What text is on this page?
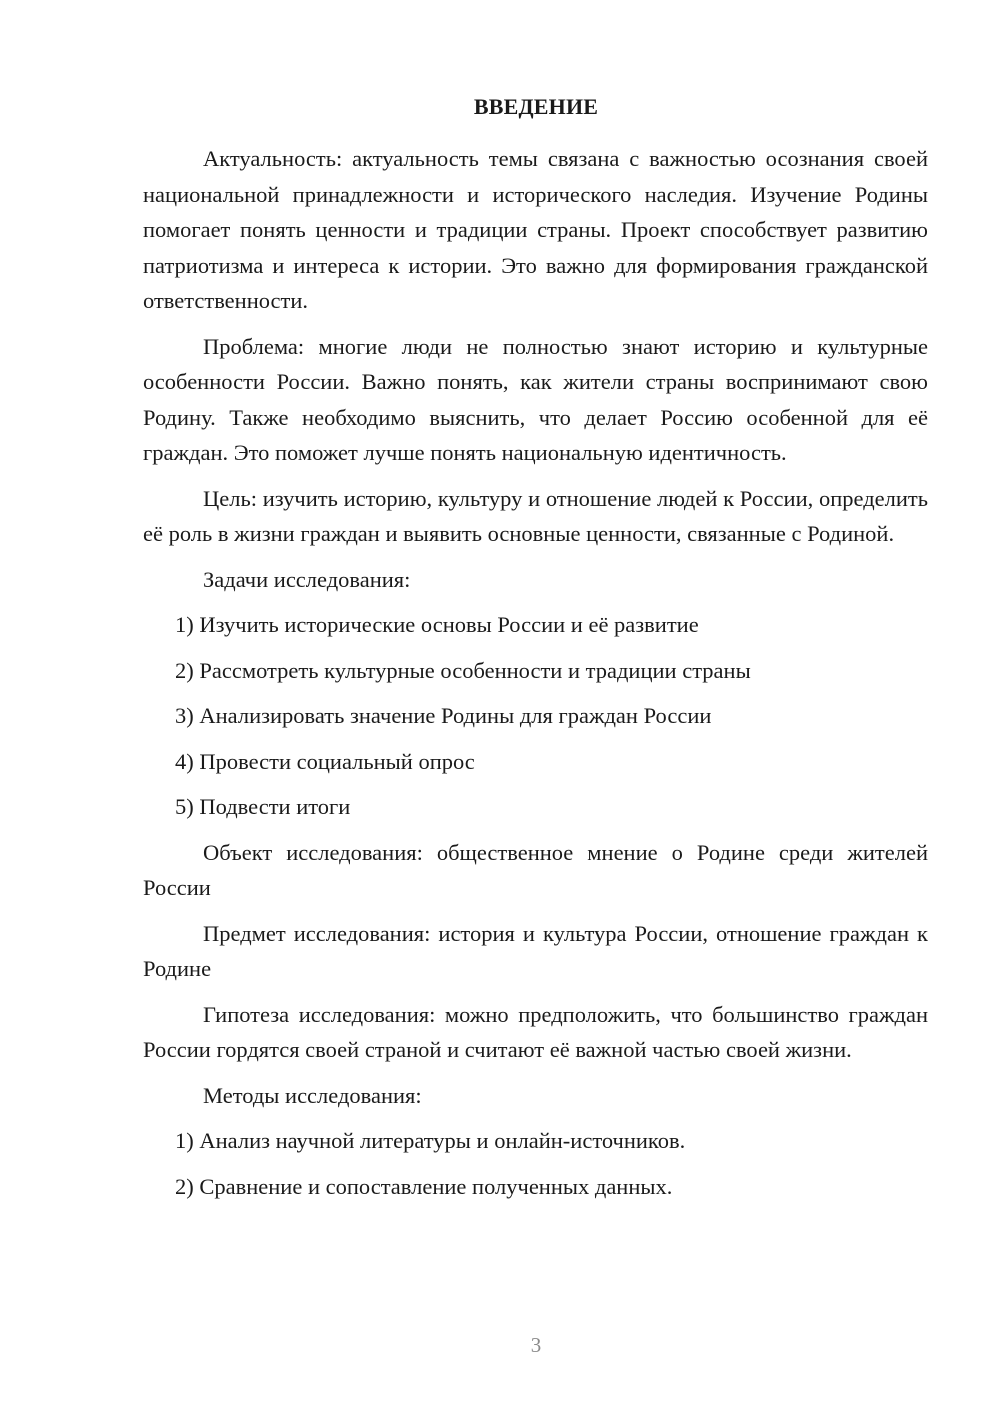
ВВЕДЕНИЕ

Актуальность: актуальность темы связана с важностью осознания своей национальной принадлежности и исторического наследия. Изучение Родины помогает понять ценности и традиции страны. Проект способствует развитию патриотизма и интереса к истории. Это важно для формирования гражданской ответственности.

Проблема: многие люди не полностью знают историю и культурные особенности России. Важно понять, как жители страны воспринимают свою Родину. Также необходимо выяснить, что делает Россию особенной для её граждан. Это поможет лучше понять национальную идентичность.

Цель: изучить историю, культуру и отношение людей к России, определить её роль в жизни граждан и выявить основные ценности, связанные с Родиной.

Задачи исследования:

1) Изучить исторические основы России и её развитие
2) Рассмотреть культурные особенности и традиции страны
3) Анализировать значение Родины для граждан России
4) Провести социальный опрос
5) Подвести итоги

Объект исследования: общественное мнение о Родине среди жителей России

Предмет исследования: история и культура России, отношение граждан к Родине

Гипотеза исследования: можно предположить, что большинство граждан России гордятся своей страной и считают её важной частью своей жизни.

Методы исследования:

1) Анализ научной литературы и онлайн-источников.
2) Сравнение и сопоставление полученных данных.
3
